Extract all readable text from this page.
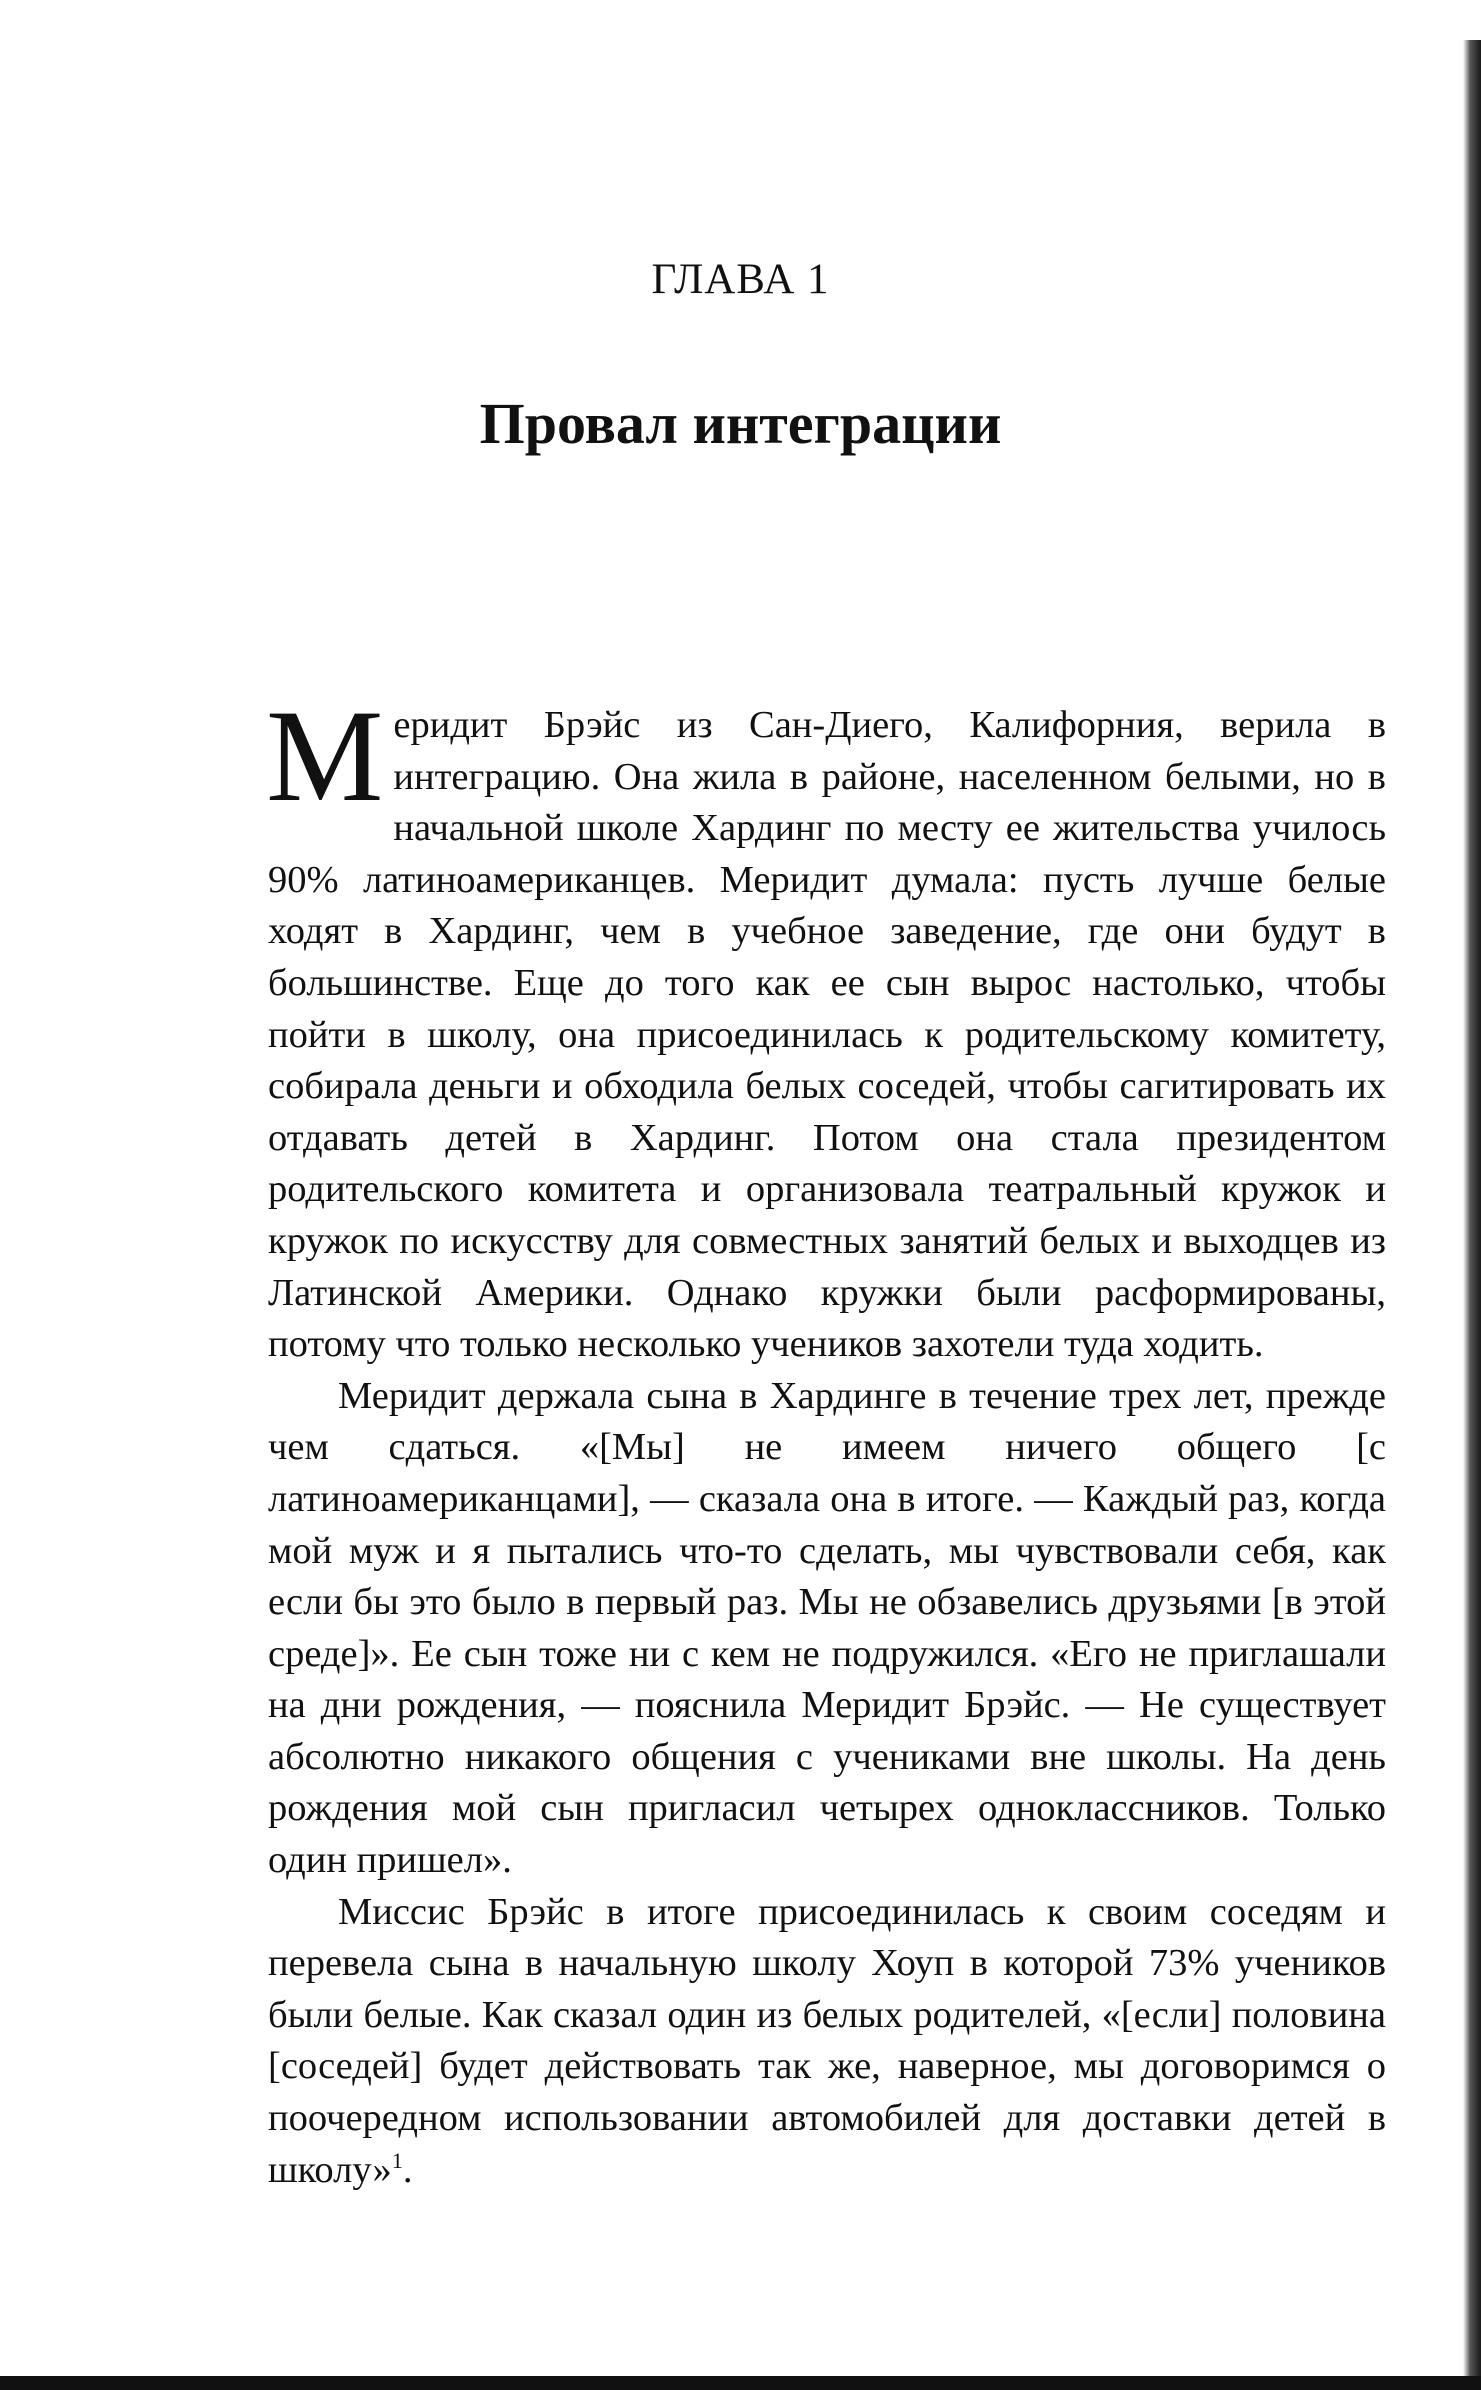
ГЛАВА 1
Провал интеграции

Меридит Брэйс из Сан-Диего, Калифорния, верила в интеграцию. Она жила в районе, населенном белыми, но в начальной школе Хардинг по месту ее жительства училось 90% латиноамериканцев. Меридит думала: пусть лучше белые ходят в Хардинг, чем в учебное заведение, где они будут в большинстве. Еще до того как ее сын вырос настолько, чтобы пойти в школу, она присоединилась к родительскому комитету, собирала деньги и обходила белых соседей, чтобы сагитировать их отдавать детей в Хардинг. Потом она стала президентом родительского комитета и организовала театральный кружок и кружок по искусству для совместных занятий белых и выходцев из Латинской Америки. Однако кружки были расформированы, потому что только несколько учеников захотели туда ходить.

Меридит держала сына в Хардинге в течение трех лет, прежде чем сдаться. «[Мы] не имеем ничего общего [с латиноамериканцами], — сказала она в итоге. — Каждый раз, когда мой муж и я пытались что-то сделать, мы чувствовали себя, как если бы это было в первый раз. Мы не обзавелись друзьями [в этой среде]». Ее сын тоже ни с кем не подружился. «Его не приглашали на дни рождения, — пояснила Меридит Брэйс. — Не существует абсолютно никакого общения с учениками вне школы. На день рождения мой сын пригласил четырех одноклассников. Только один пришел».

Миссис Брэйс в итоге присоединилась к своим соседям и перевела сына в начальную школу Хоуп в которой 73% учеников были белые. Как сказал один из белых родителей, «[если] половина [соседей] будет действовать так же, наверное, мы договоримся о поочередном использовании автомобилей для доставки детей в школу»$^1$.
